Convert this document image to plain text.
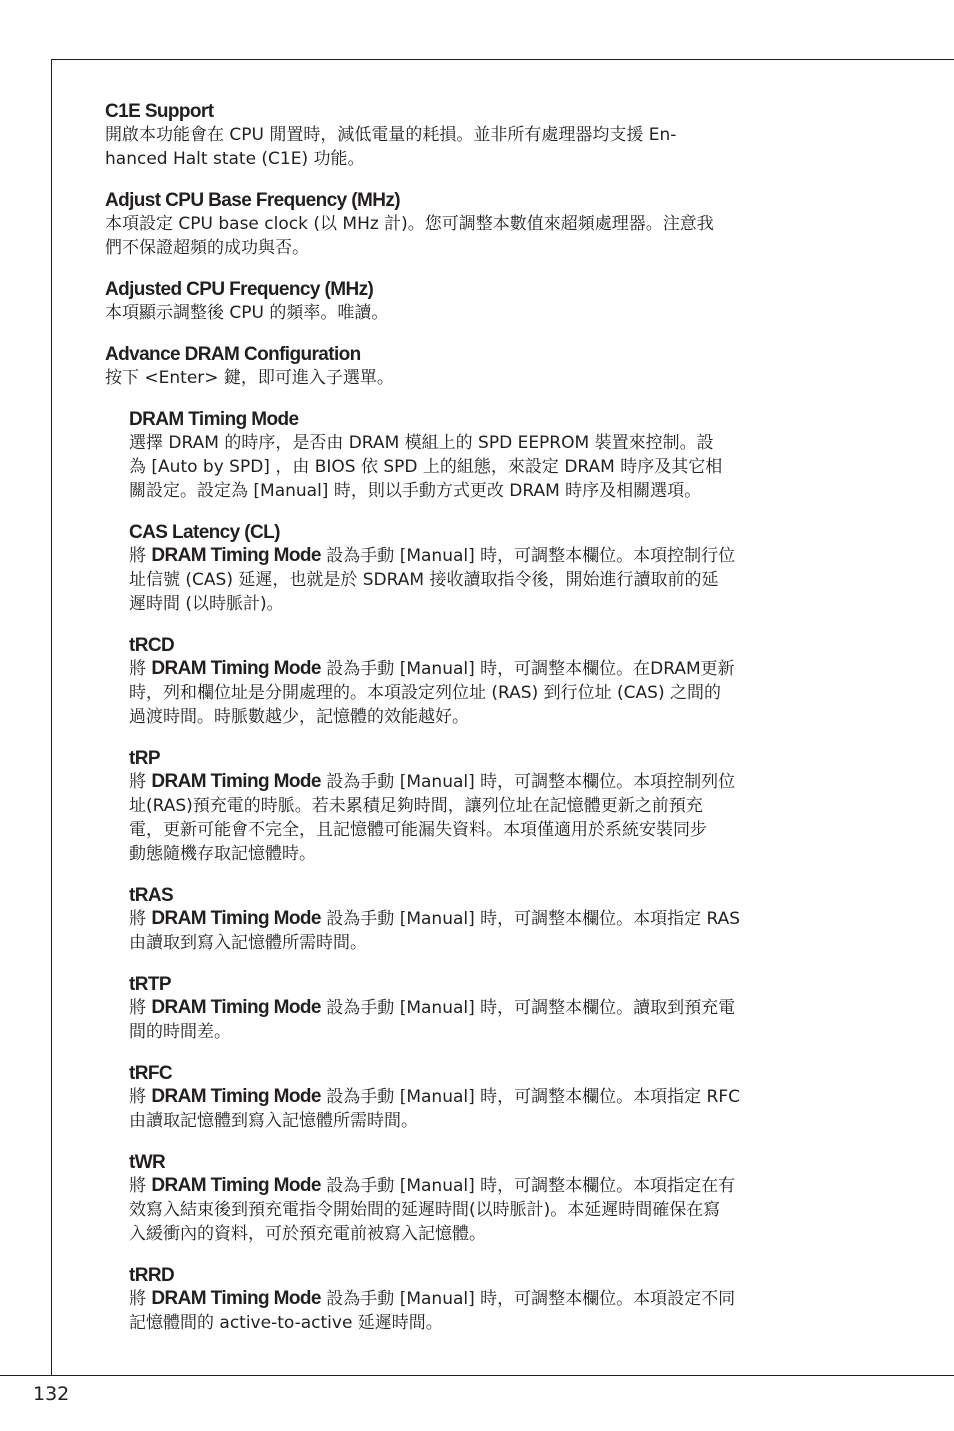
C1E Support

開啟本功能會在 CPU 閒置時，減低電量的耗損。並非所有處理器均支援 En-

hanced Halt state (C1E) 功能。

Adjust CPU Base Frequency (MHz)

本項設定 CPU base clock (以 MHz 計)。您可調整本數值來超頻處理器。注意我

們不保證超頻的成功與否。

Adjusted CPU Frequency (MHz)

本項顯示調整後 CPU 的頻率。唯讀。

Advance DRAM Configuration

按下 <Enter> 鍵，即可進入子選單。

DRAM Timing Mode

選擇 DRAM 的時序，是否由 DRAM 模組上的 SPD EEPROM 裝置來控制。設

為 [Auto by SPD] ，由 BIOS 依 SPD 上的組態，來設定 DRAM 時序及其它相

關設定。設定為 [Manual] 時，則以手動方式更改 DRAM 時序及相關選項。

CAS Latency (CL)

將 DRAM Timing Mode 設為手動 [Manual] 時，可調整本欄位。本項控制行位

址信號 (CAS) 延遲，也就是於 SDRAM 接收讀取指令後，開始進行讀取前的延

遲時間 (以時脈計)。

tRCD

將 DRAM Timing Mode 設為手動 [Manual] 時，可調整本欄位。在DRAM更新

時，列和欄位址是分開處理的。本項設定列位址 (RAS) 到行位址 (CAS) 之間的

過渡時間。時脈數越少，記憶體的效能越好。

tRP

將 DRAM Timing Mode 設為手動 [Manual] 時，可調整本欄位。本項控制列位

址(RAS)預充電的時脈。若未累積足夠時間，讓列位址在記憶體更新之前預充

電，更新可能會不完全，且記憶體可能漏失資料。本項僅適用於系統安裝同步

動態隨機存取記憶體時。

tRAS

將 DRAM Timing Mode 設為手動 [Manual] 時，可調整本欄位。本項指定 RAS

由讀取到寫入記憶體所需時間。

tRTP

將 DRAM Timing Mode 設為手動 [Manual] 時，可調整本欄位。讀取到預充電

間的時間差。

tRFC

將 DRAM Timing Mode 設為手動 [Manual] 時，可調整本欄位。本項指定 RFC

由讀取記憶體到寫入記憶體所需時間。

tWR

將 DRAM Timing Mode 設為手動 [Manual] 時，可調整本欄位。本項指定在有

效寫入結束後到預充電指令開始間的延遲時間(以時脈計)。本延遲時間確保在寫

入緩衝內的資料，可於預充電前被寫入記憶體。

tRRD

將 DRAM Timing Mode 設為手動 [Manual] 時，可調整本欄位。本項設定不同

記憶體間的 active-to-active 延遲時間。

132
